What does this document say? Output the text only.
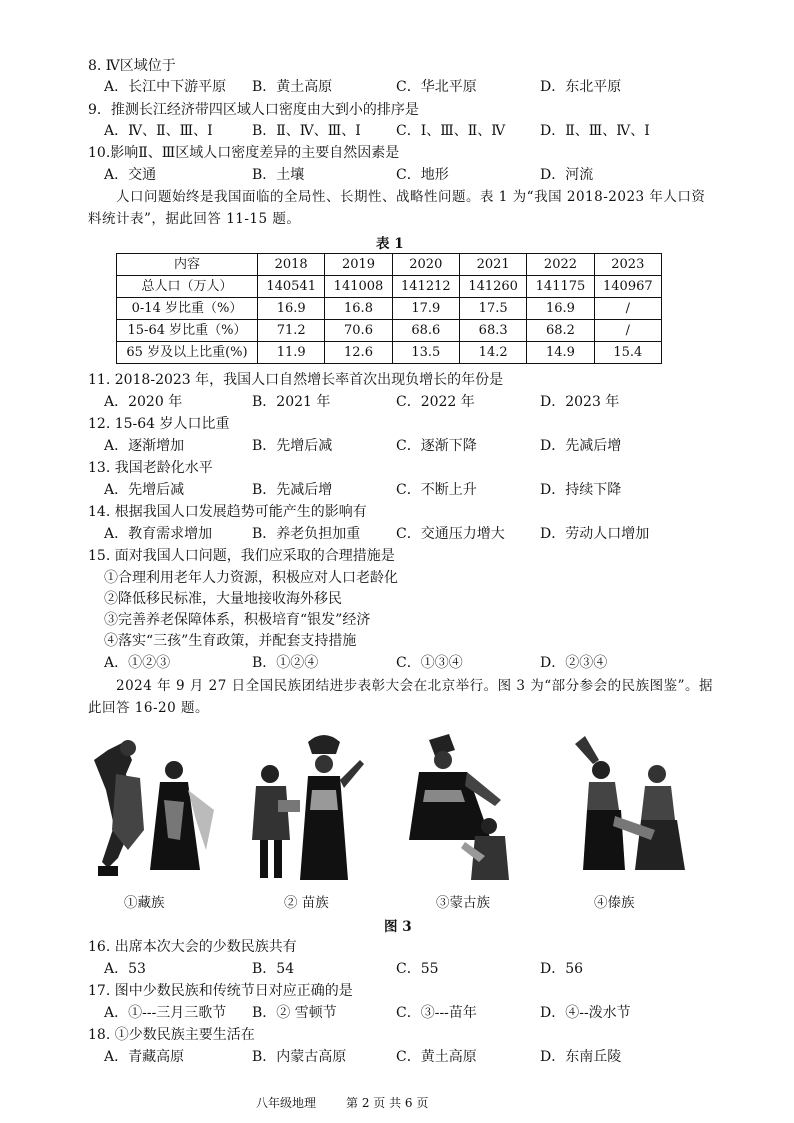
8. Ⅳ区域位于
A．长江中下游平原 B．黄土高原	C．华北平原	D．东北平原
9．推测长江经济带四区域人口密度由大到小的排序是
A．Ⅳ、Ⅱ、Ⅲ、Ⅰ	B．Ⅱ、Ⅳ、Ⅲ、Ⅰ	C．Ⅰ、Ⅲ、Ⅱ、Ⅳ D．Ⅱ、Ⅲ、Ⅳ、Ⅰ
10.影响Ⅱ、Ⅲ区域人口密度差异的主要自然因素是
A．交通	B．土壤	C．地形	D．河流
人口问题始终是我国面临的全局性、长期性、战略性问题。表 1 为“我国 2018-2023 年人口资
料统计表”，据此回答 11-15 题。
表 1
内容	2018	2019	2020	2021	2022	2023
总人口（万人）	140541	141008	141212	141260	141175	140967
0-14 岁比重（%）	16.9	16.8	17.9	17.5	16.9	/
15-64 岁比重（%）	71.2	70.6	68.6	68.3	68.2	/
65 岁及以上比重(%)	11.9	12.6	13.5	14.2	14.9	15.4
11. 2018-2023 年，我国人口自然增长率首次出现负增长的年份是
A．2020 年	B．2021 年	C．2022 年	D．2023 年
12. 15-64 岁人口比重
A．逐渐增加	B．先增后减	C．逐渐下降	D．先减后增
13. 我国老龄化水平
A．先增后减	B．先减后增	C．不断上升	D．持续下降
14. 根据我国人口发展趋势可能产生的影响有
A．教育需求增加	B．养老负担加重	C．交通压力增大	D．劳动人口增加
15. 面对我国人口问题，我们应采取的合理措施是
①合理利用老年人力资源，积极应对人口老龄化
②降低移民标准，大量地接收海外移民
③完善养老保障体系，积极培育“银发”经济
④落实“三孩”生育政策，并配套支持措施
A．①②③	B．①②④	C．①③④	D．②③④
2024 年 9 月 27 日全国民族团结进步表彰大会在北京举行。图 3 为“部分参会的民族图鉴”。据
此回答 16-20 题。
①藏族	② 苗族	③蒙古族	④傣族
图 3
16. 出席本次大会的少数民族共有
A．53	B．54	C．55	D．56
17. 图中少数民族和传统节日对应正确的是
A．①---三月三歌节 B．② 雪顿节	C．③---苗年	D．④--泼水节
18. ①少数民族主要生活在
A．青藏高原	B．内蒙古高原	C．黄土高原	D．东南丘陵
八年级地理 第 2 页 共 6 页
